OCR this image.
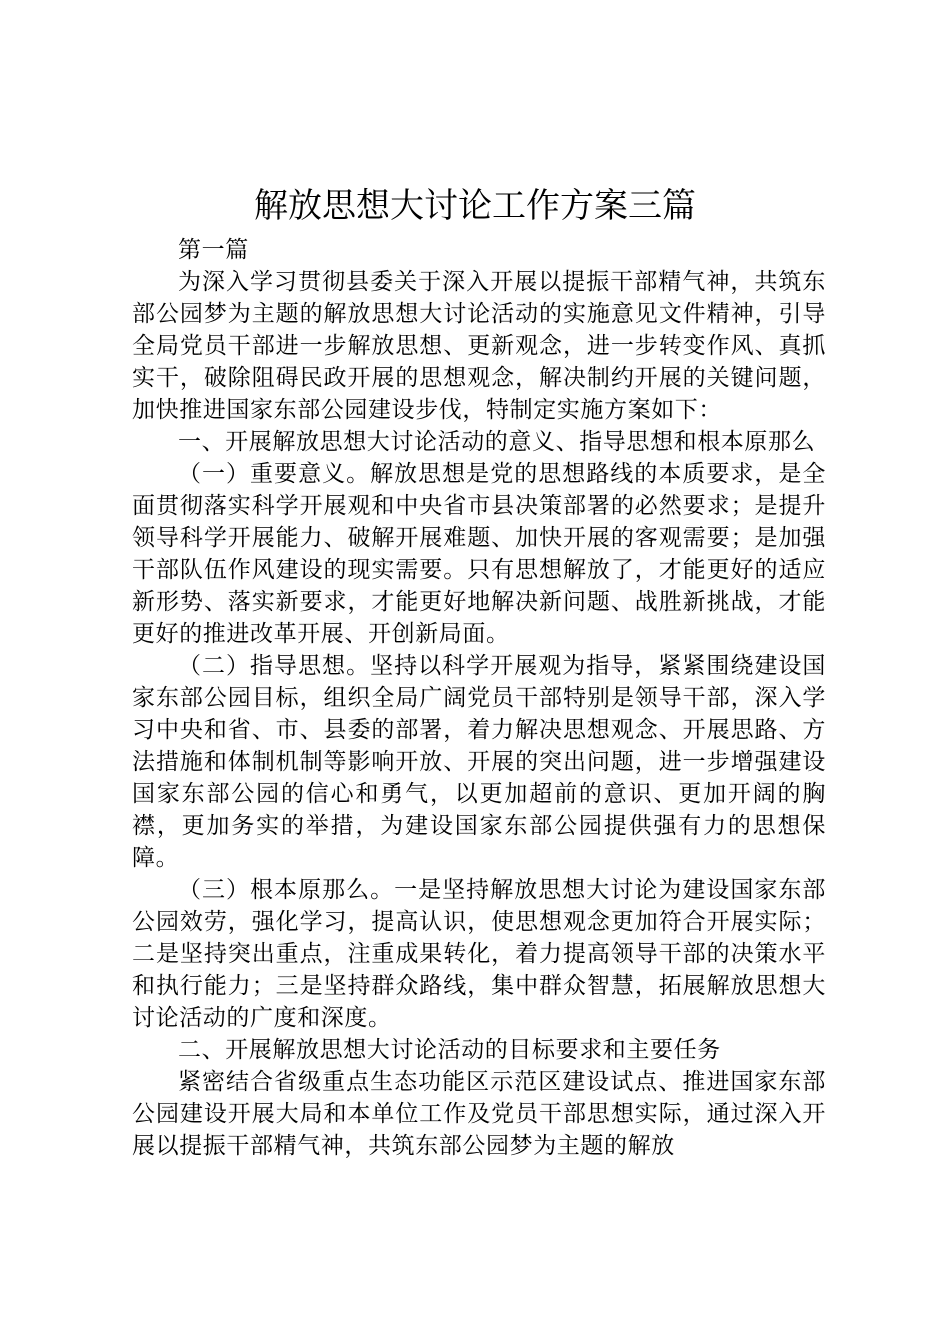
解放思想大讨论工作方案三篇

第一篇

为深入学习贯彻县委关于深入开展以提振干部精气神，共筑东部公园梦为主题的解放思想大讨论活动的实施意见文件精神，引导全局党员干部进一步解放思想、更新观念，进一步转变作风、真抓实干，破除阻碍民政开展的思想观念，解决制约开展的关键问题，加快推进国家东部公园建设步伐，特制定实施方案如下：

一、开展解放思想大讨论活动的意义、指导思想和根本原那么

（一）重要意义。解放思想是党的思想路线的本质要求，是全面贯彻落实科学开展观和中央省市县决策部署的必然要求；是提升领导科学开展能力、破解开展难题、加快开展的客观需要；是加强干部队伍作风建设的现实需要。只有思想解放了，才能更好的适应新形势、落实新要求，才能更好地解决新问题、战胜新挑战，才能更好的推进改革开展、开创新局面。

（二）指导思想。坚持以科学开展观为指导，紧紧围绕建设国家东部公园目标，组织全局广阔党员干部特别是领导干部，深入学习中央和省、市、县委的部署，着力解决思想观念、开展思路、方法措施和体制机制等影响开放、开展的突出问题，进一步增强建设国家东部公园的信心和勇气，以更加超前的意识、更加开阔的胸襟，更加务实的举措，为建设国家东部公园提供强有力的思想保障。

（三）根本原那么。一是坚持解放思想大讨论为建设国家东部公园效劳，强化学习，提高认识，使思想观念更加符合开展实际；二是坚持突出重点，注重成果转化，着力提高领导干部的决策水平和执行能力；三是坚持群众路线，集中群众智慧，拓展解放思想大讨论活动的广度和深度。

二、开展解放思想大讨论活动的目标要求和主要任务

紧密结合省级重点生态功能区示范区建设试点、推进国家东部公园建设开展大局和本单位工作及党员干部思想实际，通过深入开展以提振干部精气神，共筑东部公园梦为主题的解放
